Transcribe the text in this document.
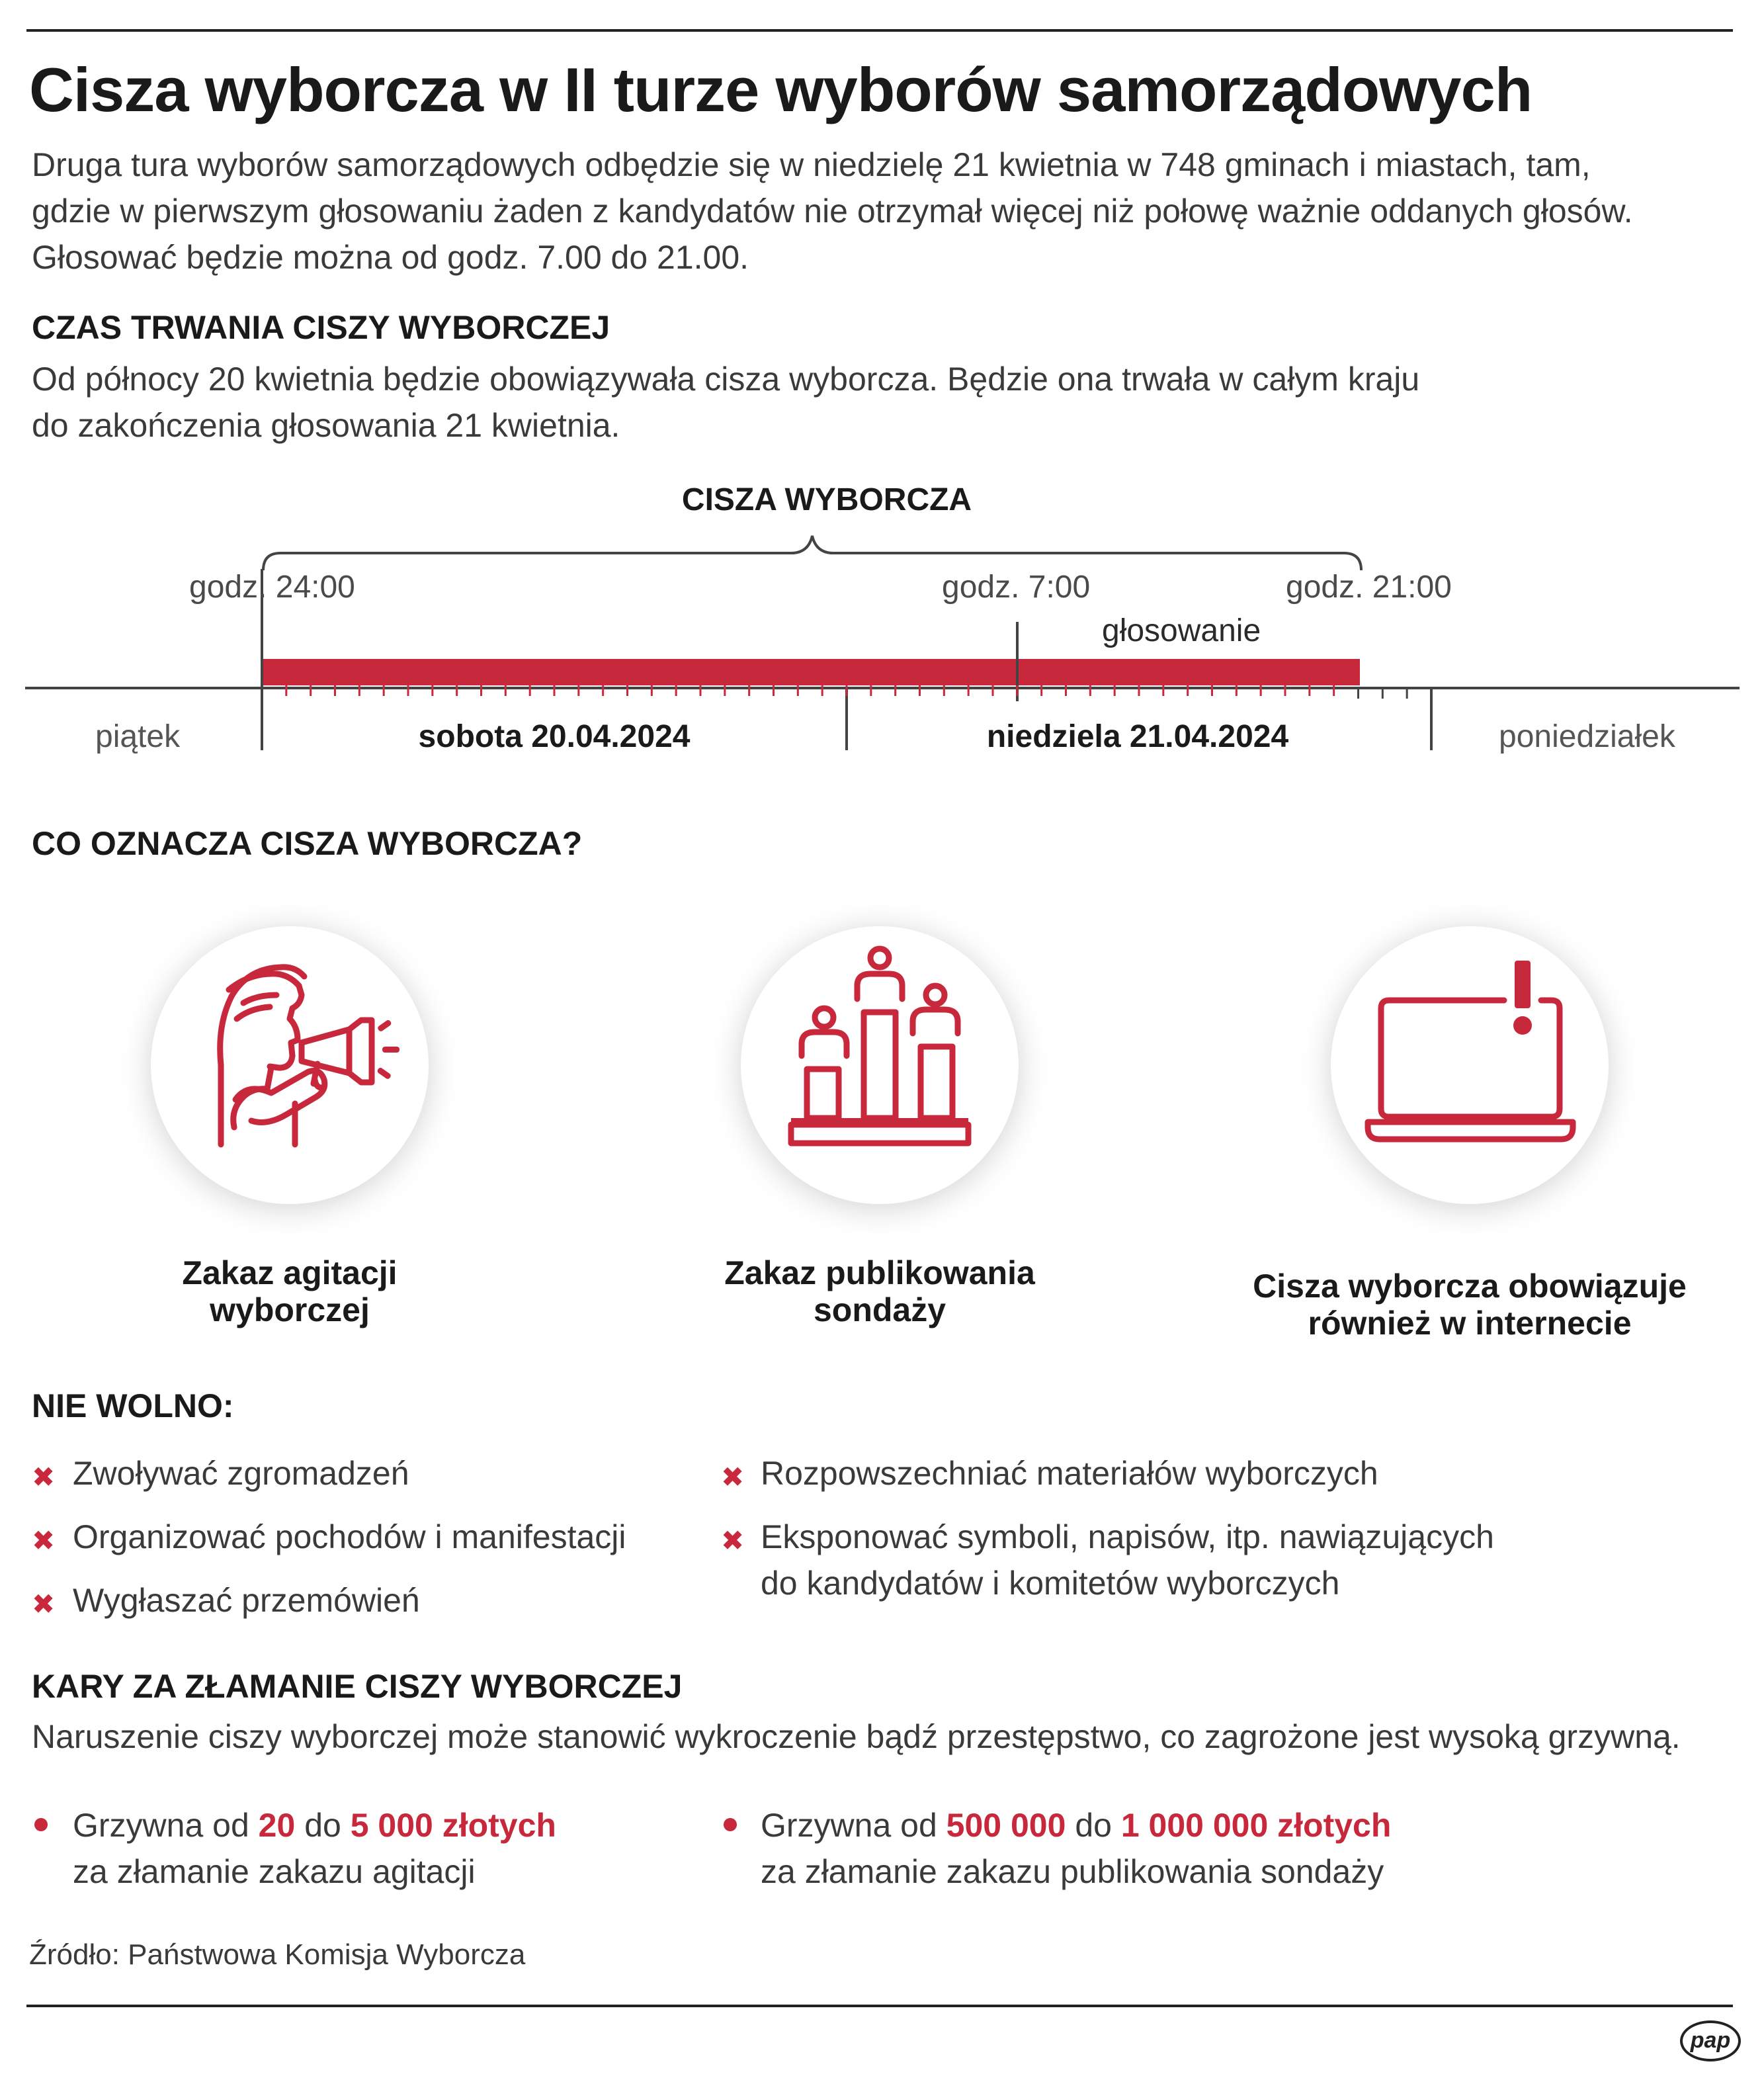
Cisza wyborcza w II turze wyborów samorządowych
Druga tura wyborów samorządowych odbędzie się w niedzielę 21 kwietnia w 748 gminach i miastach, tam,
gdzie w pierwszym głosowaniu żaden z kandydatów nie otrzymał więcej niż połowę ważnie oddanych głosów.
Głosować będzie można od godz. 7.00 do 21.00.
CZAS TRWANIA CISZY WYBORCZEJ
Od północy 20 kwietnia będzie obowiązywała cisza wyborcza. Będzie ona trwała w całym kraju
do zakończenia głosowania 21 kwietnia.
CISZA WYBORCZA
godz. 24:00	godz. 7:00	godz. 21:00
głosowanie
piątek	sobota 20.04.2024	niedziela 21.04.2024	poniedziałek
CO OZNACZA CISZA WYBORCZA?
Zakaz agitacji
wyborczej
Zakaz publikowania
sondaży
Cisza wyborcza obowiązuje
również w internecie
NIE WOLNO:
✖ Zwoływać zgromadzeń
✖ Organizować pochodów i manifestacji
✖ Wygłaszać przemówień
✖ Rozpowszechniać materiałów wyborczych
✖ Eksponować symboli, napisów, itp. nawiązujących
do kandydatów i komitetów wyborczych
KARY ZA ZŁAMANIE CISZY WYBORCZEJ
Naruszenie ciszy wyborczej może stanowić wykroczenie bądź przestępstwo, co zagrożone jest wysoką grzywną.
Grzywna od 20 do 5 000 złotych
za złamanie zakazu agitacji
Grzywna od 500 000 do 1 000 000 złotych
za złamanie zakazu publikowania sondaży
Źródło: Państwowa Komisja Wyborcza
pap
